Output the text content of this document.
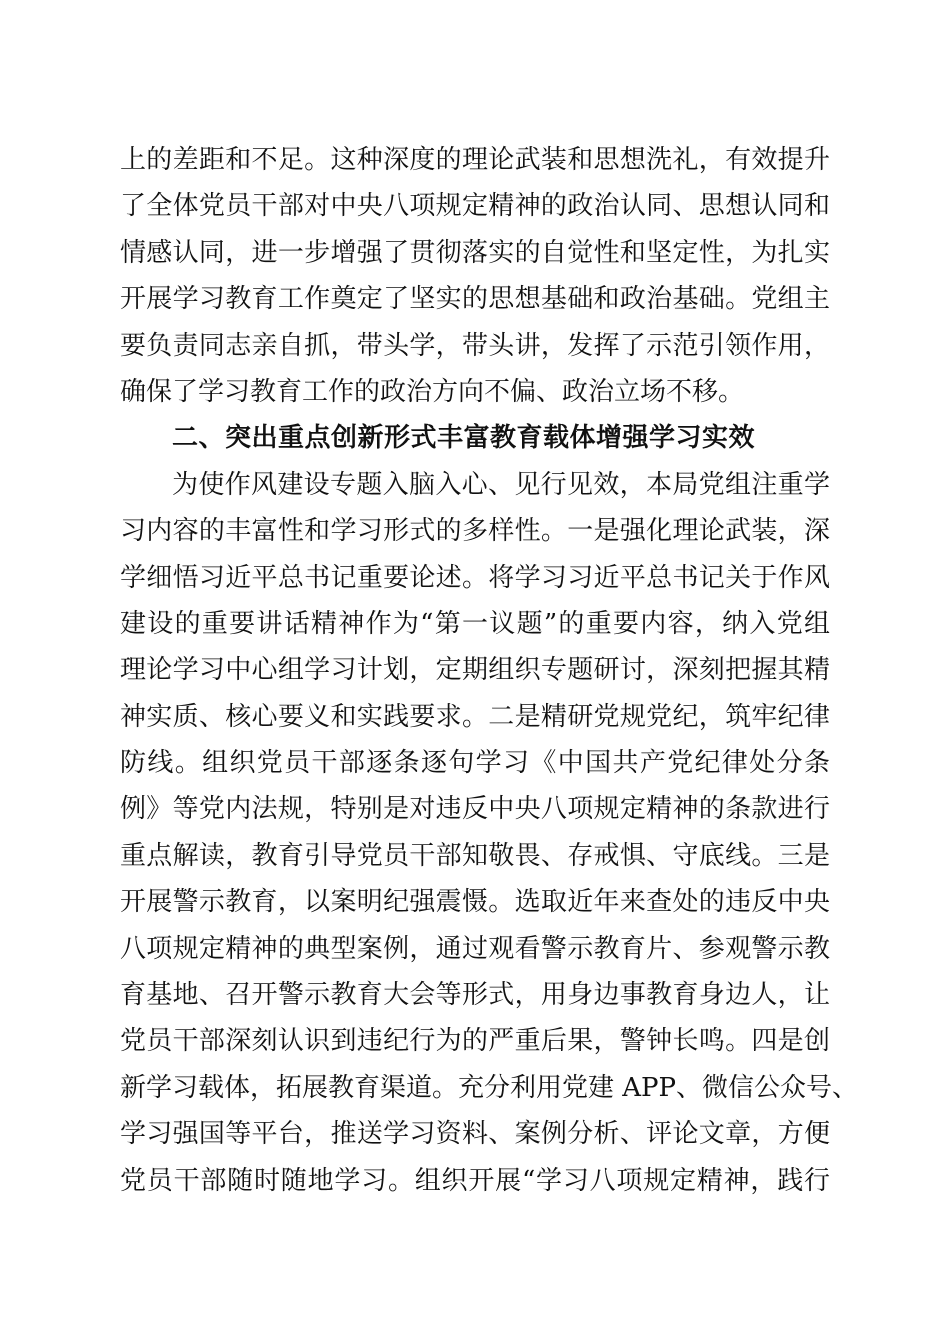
上的差距和不足。这种深度的理论武装和思想洗礼，有效提升
了全体党员干部对中央八项规定精神的政治认同、思想认同和
情感认同，进一步增强了贯彻落实的自觉性和坚定性，为扎实
开展学习教育工作奠定了坚实的思想基础和政治基础。党组主
要负责同志亲自抓，带头学，带头讲，发挥了示范引领作用，
确保了学习教育工作的政治方向不偏、政治立场不移。
二、突出重点创新形式丰富教育载体增强学习实效
为使作风建设专题入脑入心、见行见效，本局党组注重学
习内容的丰富性和学习形式的多样性。一是强化理论武装，深
学细悟习近平总书记重要论述。将学习习近平总书记关于作风
建设的重要讲话精神作为“第一议题”的重要内容，纳入党组
理论学习中心组学习计划，定期组织专题研讨，深刻把握其精
神实质、核心要义和实践要求。二是精研党规党纪，筑牢纪律
防线。组织党员干部逐条逐句学习《中国共产党纪律处分条
例》等党内法规，特别是对违反中央八项规定精神的条款进行
重点解读，教育引导党员干部知敬畏、存戒惧、守底线。三是
开展警示教育，以案明纪强震慑。选取近年来查处的违反中央
八项规定精神的典型案例，通过观看警示教育片、参观警示教
育基地、召开警示教育大会等形式，用身边事教育身边人，让
党员干部深刻认识到违纪行为的严重后果，警钟长鸣。四是创
新学习载体，拓展教育渠道。充分利用党建 APP、微信公众号、
学习强国等平台，推送学习资料、案例分析、评论文章，方便
党员干部随时随地学习。组织开展“学习八项规定精神，践行
